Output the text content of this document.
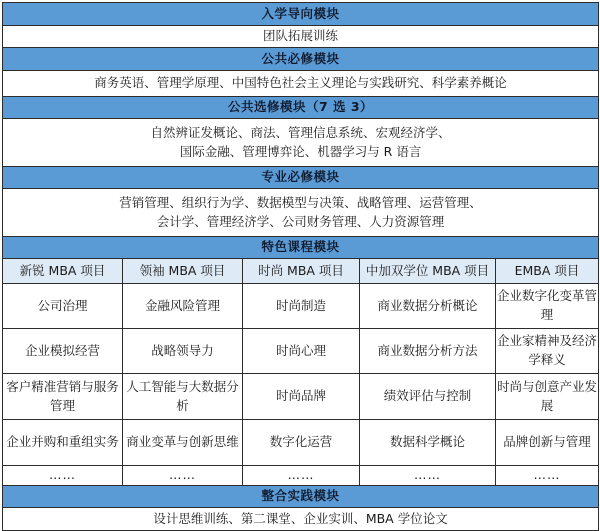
入学导向模块				
团队拓展训练				
公共必修模块				
商务英语、管理学原理、中国特色社会主义理论与实践研究、科学素养概论				
公共选修模块（7 选 3）				

自然辨证发概论、商法、管理信息系统、宏观经济学、
国际金融、管理博弈论、机器学习与 R 语言				

专业必修模块				

营销管理、组织行为学、数据模型与决策、战略管理、运营管理、
会计学、管理经济学、公司财务管理、人力资源管理				

特色课程模块				
新锐 MBA 项目	领袖 MBA 项目	时尚 MBA 项目	中加双学位 MBA 项目	EMBA 项目
公司治理	金融风险管理	时尚制造	商业数据分析概论	企业数字化变革管理
企业模拟经营	战略领导力	时尚心理	商业数据分析方法	企业家精神及经济学释义
客户精准营销与服务管理	人工智能与大数据分析	时尚品牌	绩效评估与控制	时尚与创意产业发展
企业并购和重组实务	商业变革与创新思维	数字化运营	数据科学概论	品牌创新与管理
……	……	……	……	……
整合实践模块				
设计思维训练、第二课堂、企业实训、MBA 学位论文				
